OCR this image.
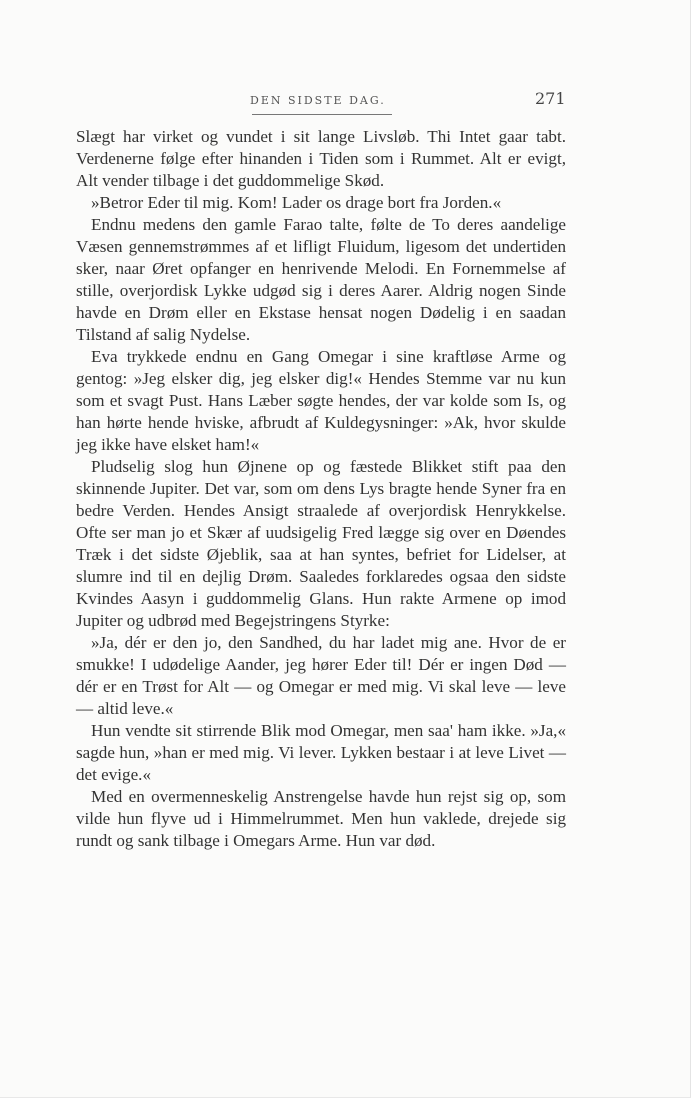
DEN SIDSTE DAG.	271

Slægt har virket og vundet i sit lange Livsløb. Thi Intet gaar tabt. Verdenerne følge efter hinanden i Tiden som i Rummet. Alt er evigt, Alt vender tilbage i det guddommelige Skød.

»Betror Eder til mig. Kom! Lader os drage bort fra Jorden.«

Endnu medens den gamle Farao talte, følte de To deres aandelige Væsen gennemstrømmes af et lifligt Fluidum, ligesom det undertiden sker, naar Øret opfanger en henrivende Melodi. En Fornemmelse af stille, overjordisk Lykke udgød sig i deres Aarer. Aldrig nogen Sinde havde en Drøm eller en Ekstase hensat nogen Dødelig i en saadan Tilstand af salig Nydelse.

Eva trykkede endnu en Gang Omegar i sine kraftløse Arme og gentog: »Jeg elsker dig, jeg elsker dig!« Hendes Stemme var nu kun som et svagt Pust. Hans Læber søgte hendes, der var kolde som Is, og han hørte hende hviske, afbrudt af Kuldegysninger: »Ak, hvor skulde jeg ikke have elsket ham!«

Pludselig slog hun Øjnene op og fæstede Blikket stift paa den skinnende Jupiter. Det var, som om dens Lys bragte hende Syner fra en bedre Verden. Hendes Ansigt straalede af overjordisk Henrykkelse. Ofte ser man jo et Skær af uudsigelig Fred lægge sig over en Døendes Træk i det sidste Øjeblik, saa at han syntes, befriet for Lidelser, at slumre ind til en dejlig Drøm. Saaledes forklaredes ogsaa den sidste Kvindes Aasyn i guddommelig Glans. Hun rakte Armene op imod Jupiter og udbrød med Begejstringens Styrke:

»Ja, dér er den jo, den Sandhed, du har ladet mig ane. Hvor de er smukke! I udødelige Aander, jeg hører Eder til! Dér er ingen Død — dér er en Trøst for Alt — og Omegar er med mig. Vi skal leve — leve — altid leve.«

Hun vendte sit stirrende Blik mod Omegar, men saa' ham ikke. »Ja,« sagde hun, »han er med mig. Vi lever. Lykken bestaar i at leve Livet — det evige.«

Med en overmenneskelig Anstrengelse havde hun rejst sig op, som vilde hun flyve ud i Himmelrummet. Men hun vaklede, drejede sig rundt og sank tilbage i Omegars Arme. Hun var død.
